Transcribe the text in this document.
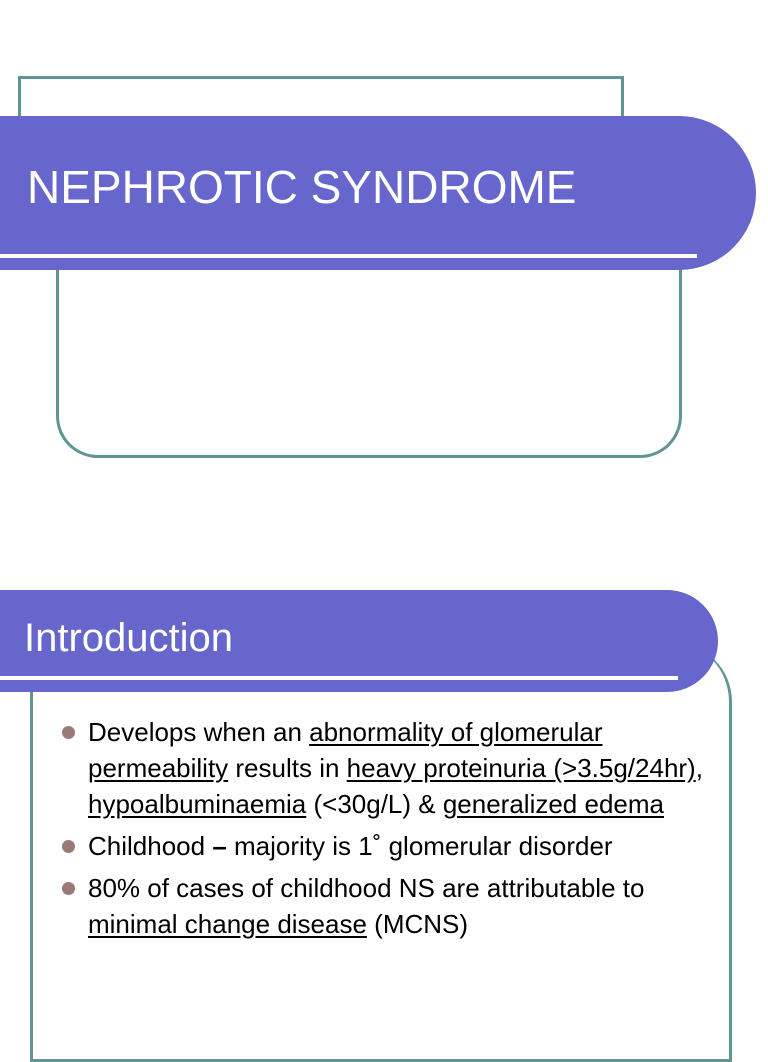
NEPHROTIC SYNDROME
Introduction
Develops when an abnormality of glomerular permeability results in heavy proteinuria (>3.5g/24hr), hypoalbuminaemia (<30g/L) & generalized edema
Childhood – majority is 1˚ glomerular disorder
80% of cases of childhood NS are attributable to minimal change disease (MCNS)
